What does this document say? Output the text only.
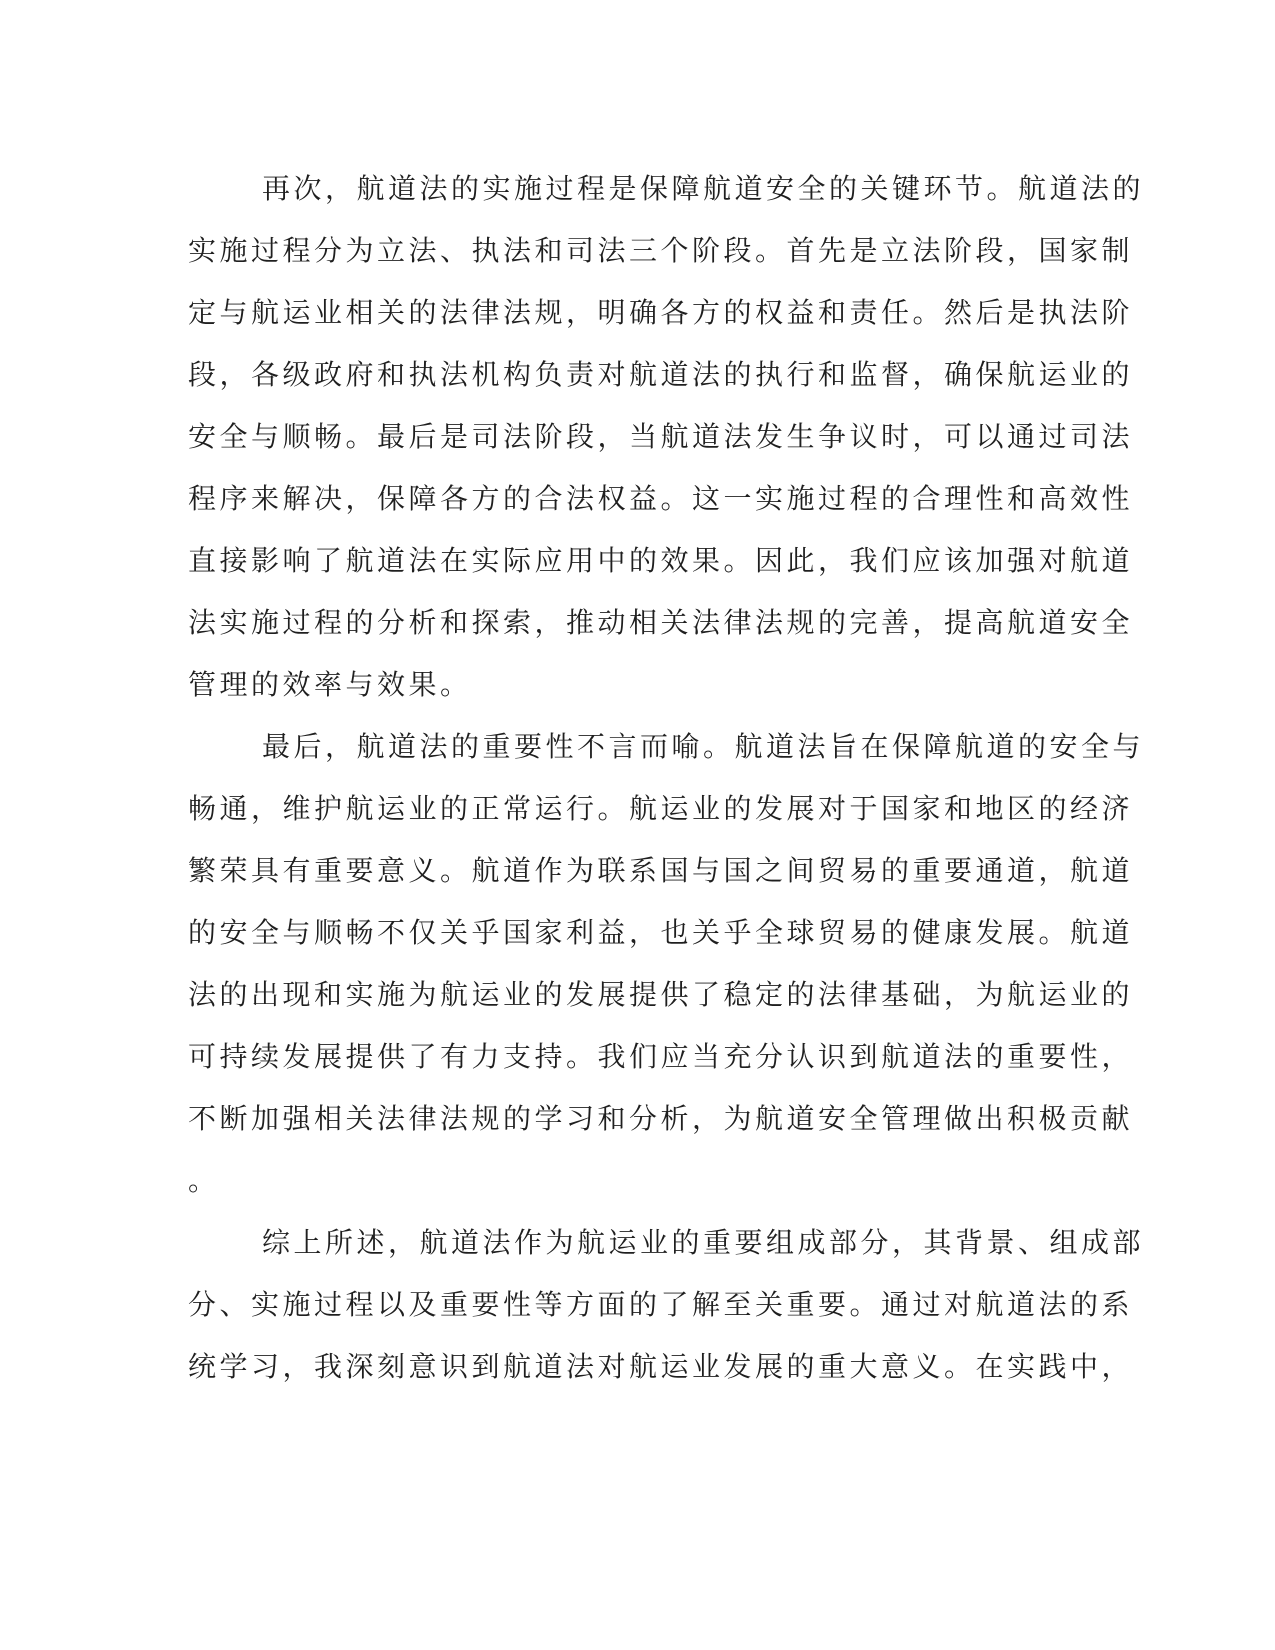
再次，航道法的实施过程是保障航道安全的关键环节。航道法的
实施过程分为立法、执法和司法三个阶段。首先是立法阶段，国家制
定与航运业相关的法律法规，明确各方的权益和责任。然后是执法阶
段，各级政府和执法机构负责对航道法的执行和监督，确保航运业的
安全与顺畅。最后是司法阶段，当航道法发生争议时，可以通过司法
程序来解决，保障各方的合法权益。这一实施过程的合理性和高效性
直接影响了航道法在实际应用中的效果。因此，我们应该加强对航道
法实施过程的分析和探索，推动相关法律法规的完善，提高航道安全
管理的效率与效果。
最后，航道法的重要性不言而喻。航道法旨在保障航道的安全与
畅通，维护航运业的正常运行。航运业的发展对于国家和地区的经济
繁荣具有重要意义。航道作为联系国与国之间贸易的重要通道，航道
的安全与顺畅不仅关乎国家利益，也关乎全球贸易的健康发展。航道
法的出现和实施为航运业的发展提供了稳定的法律基础，为航运业的
可持续发展提供了有力支持。我们应当充分认识到航道法的重要性，
不断加强相关法律法规的学习和分析，为航道安全管理做出积极贡献
。
综上所述，航道法作为航运业的重要组成部分，其背景、组成部
分、实施过程以及重要性等方面的了解至关重要。通过对航道法的系
统学习，我深刻意识到航道法对航运业发展的重大意义。在实践中，
